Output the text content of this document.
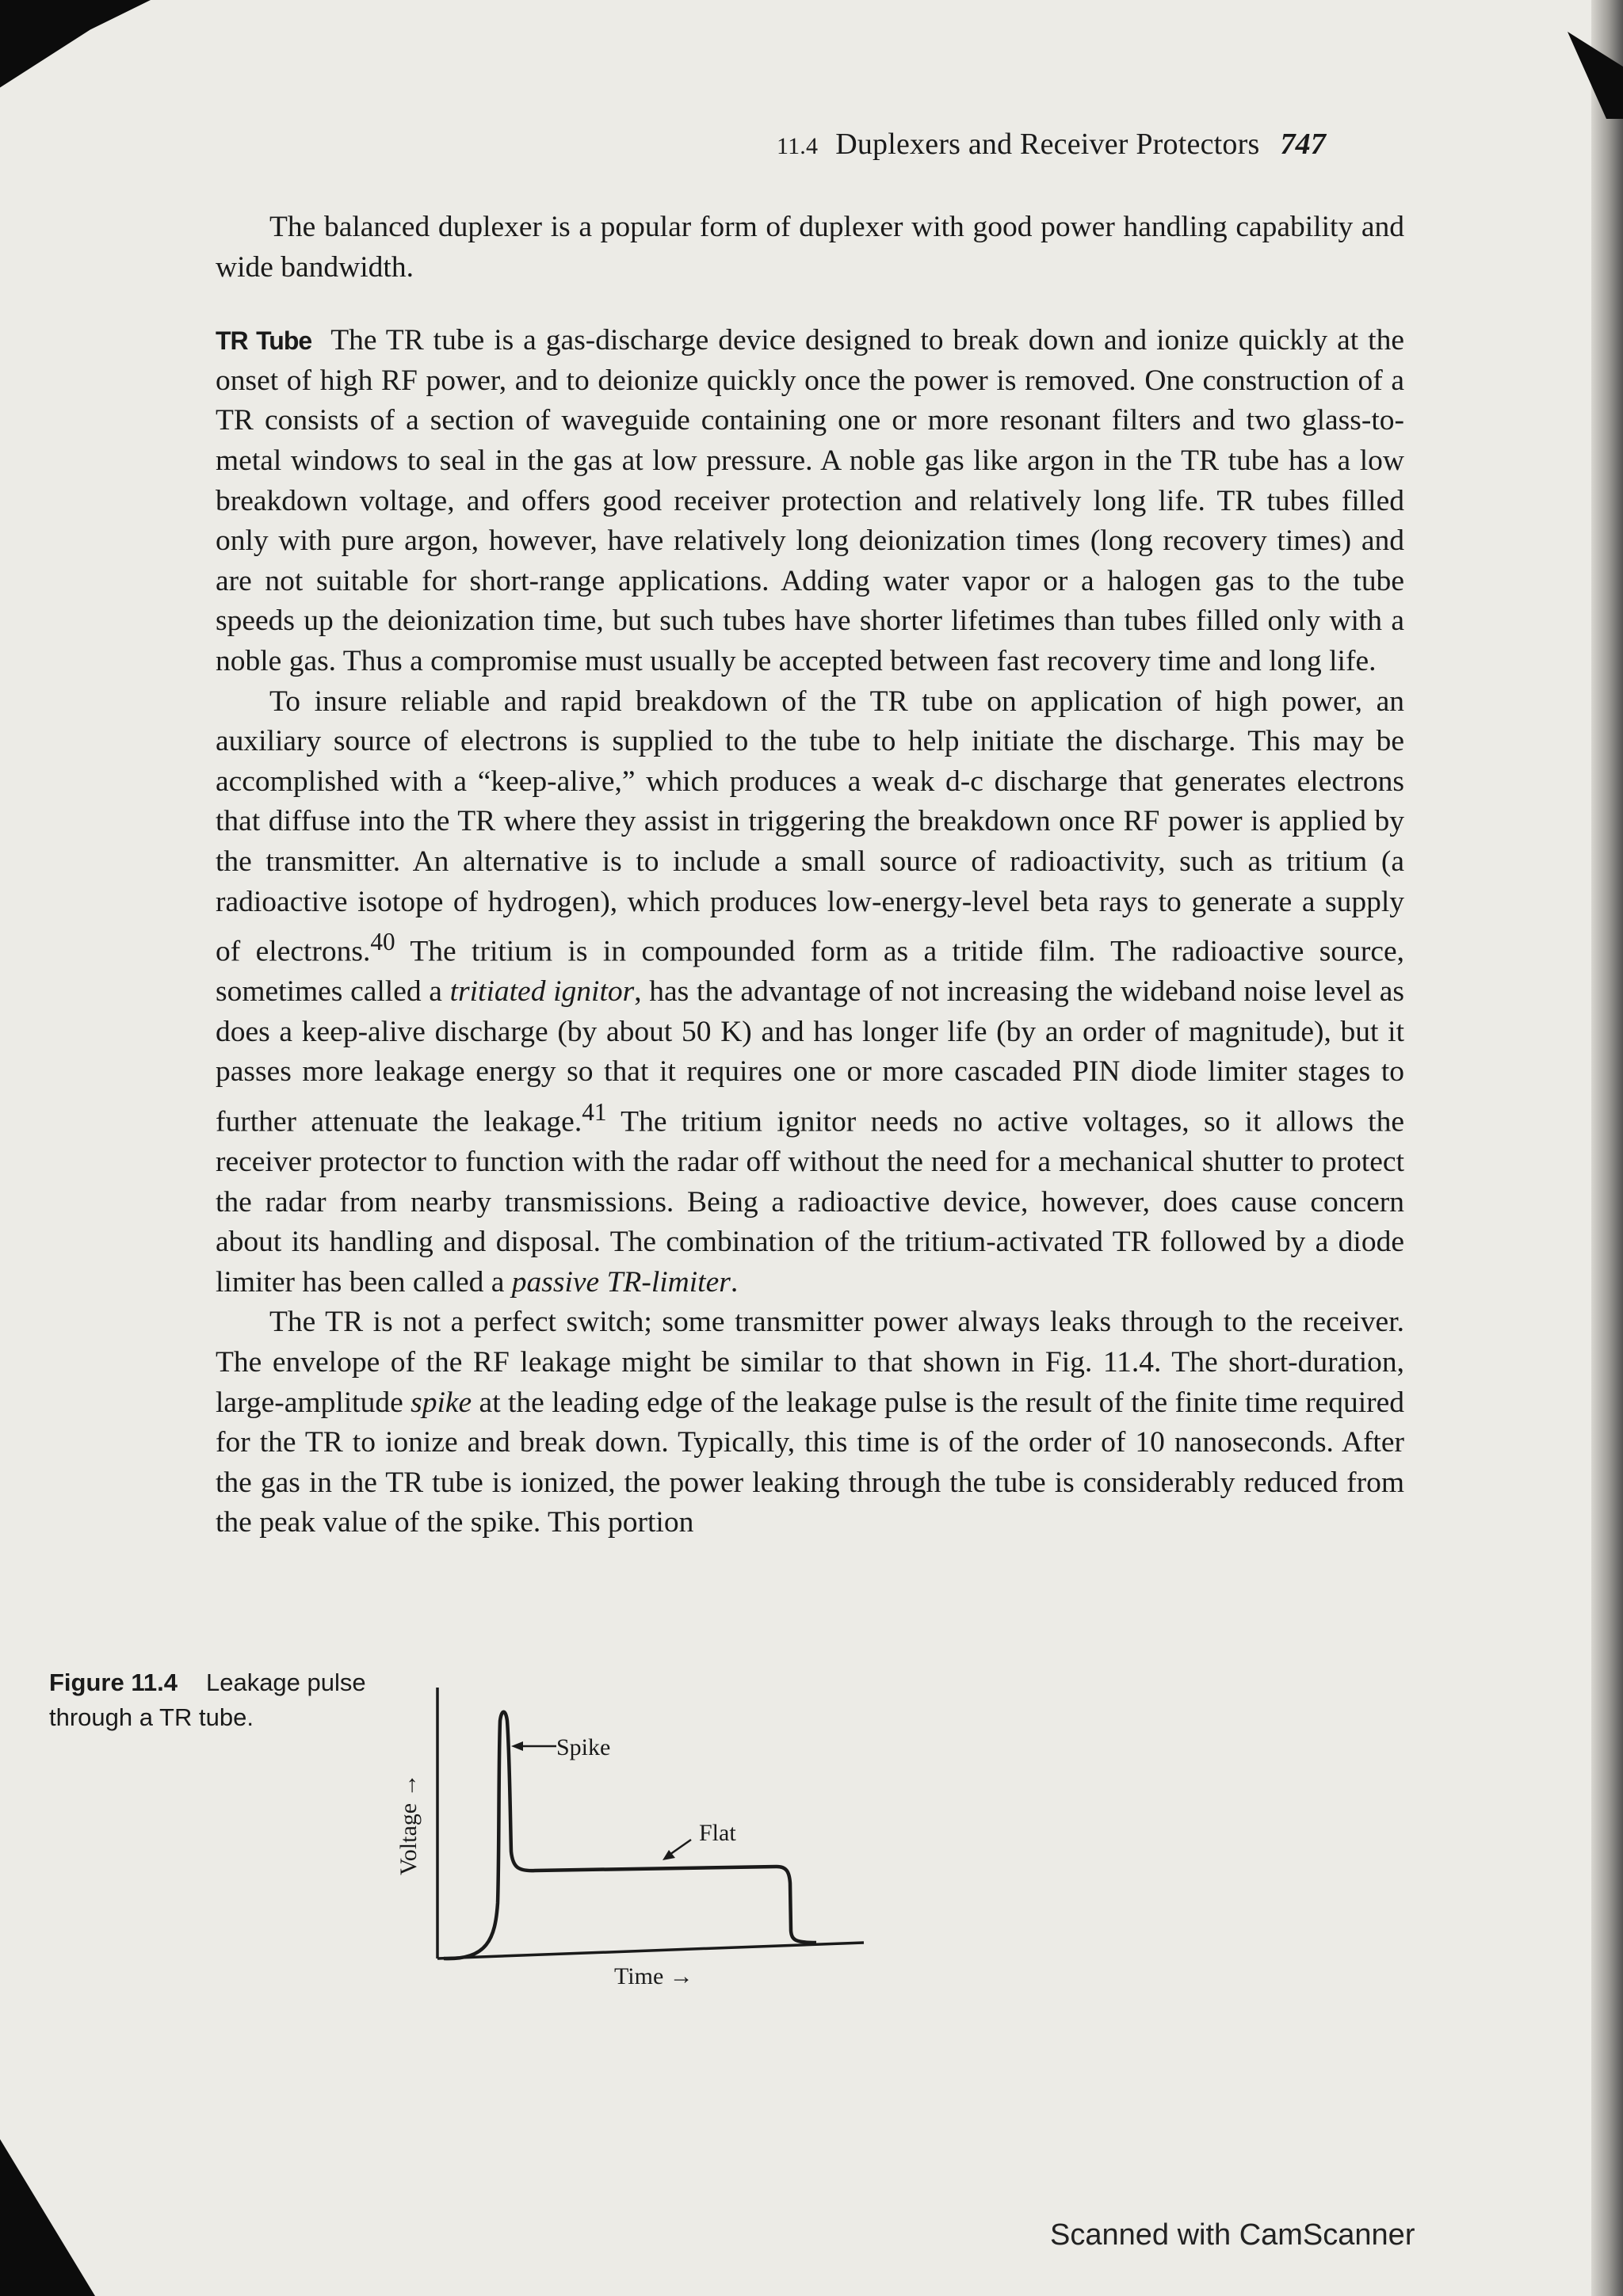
11.4 Duplexers and Receiver Protectors 747

The balanced duplexer is a popular form of duplexer with good power handling capability and wide bandwidth.

TR Tube The TR tube is a gas-discharge device designed to break down and ionize quickly at the onset of high RF power, and to deionize quickly once the power is removed. One construction of a TR consists of a section of waveguide containing one or more resonant filters and two glass-to-metal windows to seal in the gas at low pressure. A noble gas like argon in the TR tube has a low breakdown voltage, and offers good receiver protection and relatively long life. TR tubes filled only with pure argon, however, have relatively long deionization times (long recovery times) and are not suitable for short-range applications. Adding water vapor or a halogen gas to the tube speeds up the deionization time, but such tubes have shorter lifetimes than tubes filled only with a noble gas. Thus a compromise must usually be accepted between fast recovery time and long life.

To insure reliable and rapid breakdown of the TR tube on application of high power, an auxiliary source of electrons is supplied to the tube to help initiate the discharge. This may be accomplished with a “keep-alive,” which produces a weak d-c discharge that generates electrons that diffuse into the TR where they assist in triggering the breakdown once RF power is applied by the transmitter. An alternative is to include a small source of radioactivity, such as tritium (a radioactive isotope of hydrogen), which produces low-energy-level beta rays to generate a supply of electrons.$^{40}$ The tritium is in compounded form as a tritide film. The radioactive source, sometimes called a tritiated ignitor, has the advantage of not increasing the wideband noise level as does a keep-alive discharge (by about 50 K) and has longer life (by an order of magnitude), but it passes more leakage energy so that it requires one or more cascaded PIN diode limiter stages to further attenuate the leakage.$^{41}$ The tritium ignitor needs no active voltages, so it allows the receiver protector to function with the radar off without the need for a mechanical shutter to protect the radar from nearby transmissions. Being a radioactive device, however, does cause concern about its handling and disposal. The combination of the tritium-activated TR followed by a diode limiter has been called a passive TR-limiter.

The TR is not a perfect switch; some transmitter power always leaks through to the receiver. The envelope of the RF leakage might be similar to that shown in Fig. 11.4. The short-duration, large-amplitude spike at the leading edge of the leakage pulse is the result of the finite time required for the TR to ionize and break down. Typically, this time is of the order of 10 nanoseconds. After the gas in the TR tube is ionized, the power leaking through the tube is considerably reduced from the peak value of the spike. This portion

Figure 11.4 Leakage pulse through a TR tube.
Spike
Flat
Voltage →
Time →
Scanned with CamScanner
